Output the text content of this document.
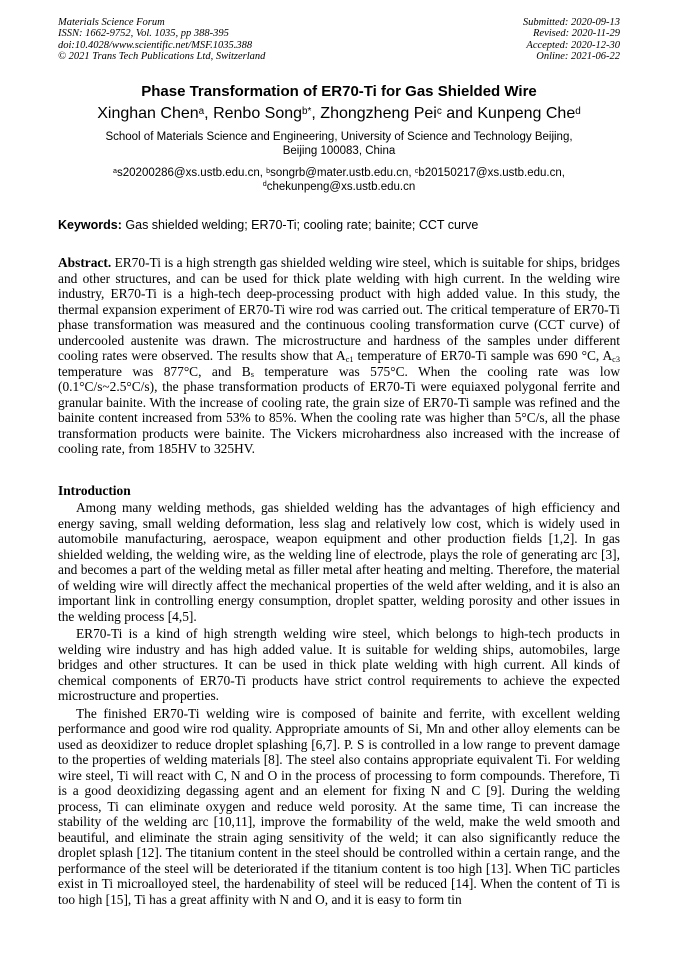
Materials Science Forum
ISSN: 1662-9752, Vol. 1035, pp 388-395
doi:10.4028/www.scientific.net/MSF.1035.388
© 2021 Trans Tech Publications Ltd, Switzerland
Submitted: 2020-09-13
Revised: 2020-11-29
Accepted: 2020-12-30
Online: 2021-06-22
Phase Transformation of ER70-Ti for Gas Shielded Wire
Xinghan Chen$^a$, Renbo Song$^{b*}$, Zhongzheng Pei$^c$ and Kunpeng Che$^d$
School of Materials Science and Engineering, University of Science and Technology Beijing,
Beijing 100083, China
$^a$s20200286@xs.ustb.edu.cn, $^b$songrb@mater.ustb.edu.cn, $^c$b20150217@xs.ustb.edu.cn,
$^d$chekunpeng@xs.ustb.edu.cn
Keywords: Gas shielded welding; ER70-Ti; cooling rate; bainite; CCT curve

Abstract. ER70-Ti is a high strength gas shielded welding wire steel, which is suitable for ships, bridges and other structures, and can be used for thick plate welding with high current. In the welding wire industry, ER70-Ti is a high-tech deep-processing product with high added value. In this study, the thermal expansion experiment of ER70-Ti wire rod was carried out. The critical temperature of ER70-Ti phase transformation was measured and the continuous cooling transformation curve (CCT curve) of undercooled austenite was drawn. The microstructure and hardness of the samples under different cooling rates were observed. The results show that $A_{c1}$ temperature of ER70-Ti sample was 690 °C, $A_{c3}$ temperature was 877°C, and $B_s$ temperature was 575°C. When the cooling rate was low (0.1°C/s~2.5°C/s), the phase transformation products of ER70-Ti were equiaxed polygonal ferrite and granular bainite. With the increase of cooling rate, the grain size of ER70-Ti sample was refined and the bainite content increased from 53% to 85%. When the cooling rate was higher than 5°C/s, all the phase transformation products were bainite. The Vickers microhardness also increased with the increase of cooling rate, from 185HV to 325HV.

Introduction

Among many welding methods, gas shielded welding has the advantages of high efficiency and energy saving, small welding deformation, less slag and relatively low cost, which is widely used in automobile manufacturing, aerospace, weapon equipment and other production fields [1,2]. In gas shielded welding, the welding wire, as the welding line of electrode, plays the role of generating arc [3], and becomes a part of the welding metal as filler metal after heating and melting. Therefore, the material of welding wire will directly affect the mechanical properties of the weld after welding, and it is also an important link in controlling energy consumption, droplet spatter, welding porosity and other issues in the welding process [4,5].

ER70-Ti is a kind of high strength welding wire steel, which belongs to high-tech products in welding wire industry and has high added value. It is suitable for welding ships, automobiles, large bridges and other structures. It can be used in thick plate welding with high current. All kinds of chemical components of ER70-Ti products have strict control requirements to achieve the expected microstructure and properties.

The finished ER70-Ti welding wire is composed of bainite and ferrite, with excellent welding performance and good wire rod quality. Appropriate amounts of Si, Mn and other alloy elements can be used as deoxidizer to reduce droplet splashing [6,7]. P. S is controlled in a low range to prevent damage to the properties of welding materials [8]. The steel also contains appropriate equivalent Ti. For welding wire steel, Ti will react with C, N and O in the process of processing to form compounds. Therefore, Ti is a good deoxidizing degassing agent and an element for fixing N and C [9]. During the welding process, Ti can eliminate oxygen and reduce weld porosity. At the same time, Ti can increase the stability of the welding arc [10,11], improve the formability of the weld, make the weld smooth and beautiful, and eliminate the strain aging sensitivity of the weld; it can also significantly reduce the droplet splash [12]. The titanium content in the steel should be controlled within a certain range, and the performance of the steel will be deteriorated if the titanium content is too high [13]. When TiC particles exist in Ti microalloyed steel, the hardenability of steel will be reduced [14]. When the content of Ti is too high [15], Ti has a great affinity with N and O, and it is easy to form tin
